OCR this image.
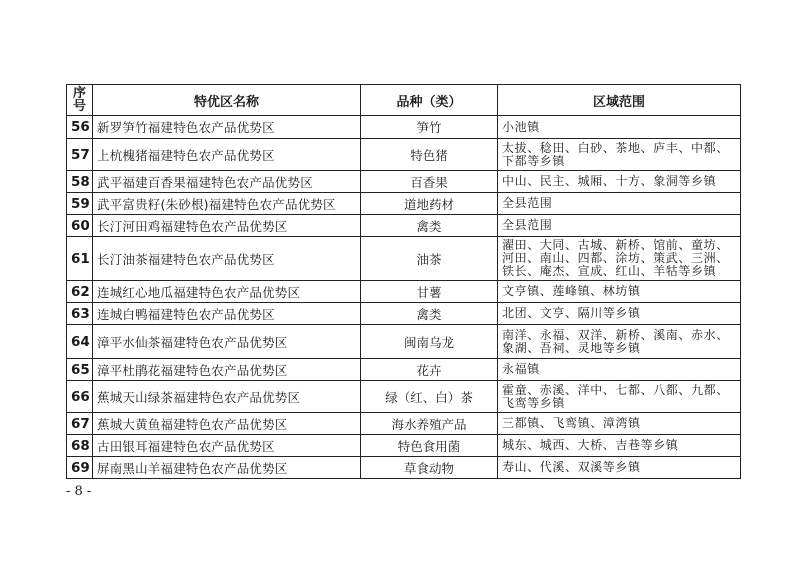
序号	特优区名称	品种（类）	区域范围
56	新罗笋竹福建特色农产品优势区	笋竹	小池镇
57	上杭槐猪福建特色农产品优势区	特色猪	太拔、稔田、白砂、茶地、庐丰、中都、下都等乡镇
58	武平福建百香果福建特色农产品优势区	百香果	中山、民主、城厢、十方、象洞等乡镇
59	武平富贵籽(朱砂根)福建特色农产品优势区	道地药材	全县范围
60	长汀河田鸡福建特色农产品优势区	禽类	全县范围
61	长汀油茶福建特色农产品优势区	油茶	濯田、大同、古城、新桥、馆前、童坊、河田、南山、四都、涂坊、策武、三洲、铁长、庵杰、宣成、红山、羊牯等乡镇
62	连城红心地瓜福建特色农产品优势区	甘薯	文亨镇、莲峰镇、林坊镇
63	连城白鸭福建特色农产品优势区	禽类	北团、文亨、隔川等乡镇
64	漳平水仙茶福建特色农产品优势区	闽南乌龙	南洋、永福、双洋、新桥、溪南、赤水、象湖、吾祠、灵地等乡镇
65	漳平杜鹃花福建特色农产品优势区	花卉	永福镇
66	蕉城天山绿茶福建特色农产品优势区	绿（红、白）茶	霍童、赤溪、洋中、七都、八都、九都、飞鸾等乡镇
67	蕉城大黄鱼福建特色农产品优势区	海水养殖产品	三都镇、飞鸾镇、漳湾镇
68	古田银耳福建特色农产品优势区	特色食用菌	城东、城西、大桥、吉巷等乡镇
69	屏南黑山羊福建特色农产品优势区	草食动物	寿山、代溪、双溪等乡镇
- 8 -
